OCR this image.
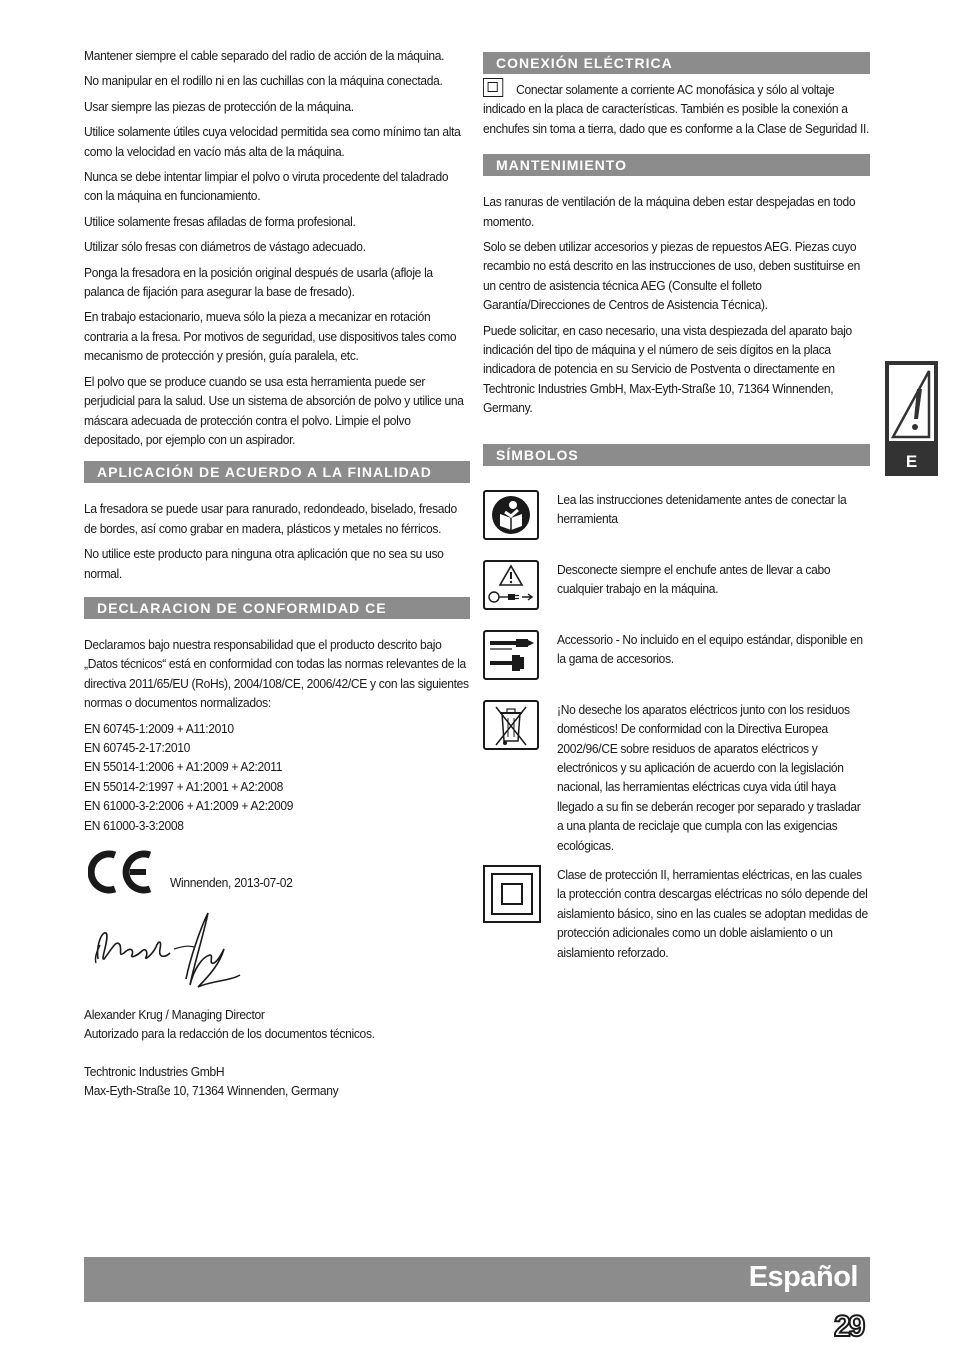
Mantener siempre el cable separado del radio de acción de la máquina.

No manipular en el rodillo ni en las cuchillas con la máquina conectada.

Usar siempre las piezas de protección de la máquina.

Utilice solamente útiles cuya velocidad permitida sea como mínimo tan alta como la velocidad en vacío más alta de la máquina.

Nunca se debe intentar limpiar el polvo o viruta procedente del taladrado con la máquina en funcionamiento.

Utilice solamente fresas afiladas de forma profesional.

Utilizar sólo fresas con diámetros de vástago adecuado.

Ponga la fresadora en la posición original después de usarla (afloje la palanca de fijación para asegurar la base de fresado).

En trabajo estacionario, mueva sólo la pieza a mecanizar en rotación contraria a la fresa. Por motivos de seguridad, use dispositivos tales como mecanismo de protección y presión, guía paralela, etc.

El polvo que se produce cuando se usa esta herramienta puede ser perjudicial para la salud. Use un sistema de absorción de polvo y utilice una máscara adecuada de protección contra el polvo. Limpie el polvo depositado, por ejemplo con un aspirador.

APLICACIÓN DE ACUERDO A LA FINALIDAD

La fresadora se puede usar para ranurado, redondeado, biselado, fresado de bordes, así como grabar en madera, plásticos y metales no férricos.

No utilice este producto para ninguna otra aplicación que no sea su uso normal.

DECLARACION DE CONFORMIDAD CE

Declaramos bajo nuestra responsabilidad que el producto descrito bajo „Datos técnicos“ está en conformidad con todas las normas relevantes de la directiva 2011/65/EU (RoHs), 2004/108/CE, 2006/42/CE y con las siguientes normas o documentos normalizados:

EN 60745-1:2009 + A11:2010

EN 60745-2-17:2010

EN 55014-1:2006 + A1:2009 + A2:2011

EN 55014-2:1997 + A1:2001 + A2:2008

EN 61000-3-2:2006 + A1:2009 + A2:2009

EN 61000-3-3:2008

Winnenden, 2013-07-02

Alexander Krug / Managing Director

Autorizado para la redacción de los documentos técnicos.

Techtronic Industries GmbH

Max-Eyth-Straße 10, 71364 Winnenden, Germany

CONEXIÓN ELÉCTRICA

Conectar solamente a corriente AC monofásica y sólo al voltaje indicado en la placa de características. También es posible la conexión a enchufes sin toma a tierra, dado que es conforme a la Clase de Seguridad II.

MANTENIMIENTO

Las ranuras de ventilación de la máquina deben estar despejadas en todo momento.

Solo se deben utilizar accesorios y piezas de repuestos AEG. Piezas cuyo recambio no está descrito en las instrucciones de uso, deben sustituirse en un centro de asistencia técnica AEG (Consulte el folleto Garantía/Direcciones de Centros de Asistencia Técnica).

Puede solicitar, en caso necesario, una vista despiezada del aparato bajo indicación del tipo de máquina y el número de seis dígitos en la placa indicadora de potencia en su Servicio de Postventa o directamente en Techtronic Industries GmbH, Max-Eyth-Straße 10, 71364 Winnenden, Germany.

SÍMBOLOS

Lea las instrucciones detenidamente antes de conectar la herramienta

Desconecte siempre el enchufe antes de llevar a cabo cualquier trabajo en la máquina.

Accessorio - No incluido en el equipo estándar, disponible en la gama de accesorios.

¡No deseche los aparatos eléctricos junto con los residuos domésticos! De conformidad con la Directiva Europea 2002/96/CE sobre residuos de aparatos eléctricos y electrónicos y su aplicación de acuerdo con la legislación nacional, las herramientas eléctricas cuya vida útil haya llegado a su fin se deberán recoger por separado y trasladar a una planta de reciclaje que cumpla con las exigencias ecológicas.

Clase de protección II, herramientas eléctricas, en las cuales la protección contra descargas eléctricas no sólo depende del aislamiento básico, sino en las cuales se adoptan medidas de protección adicionales como un doble aislamiento o un aislamiento reforzado.

E
Español
29
